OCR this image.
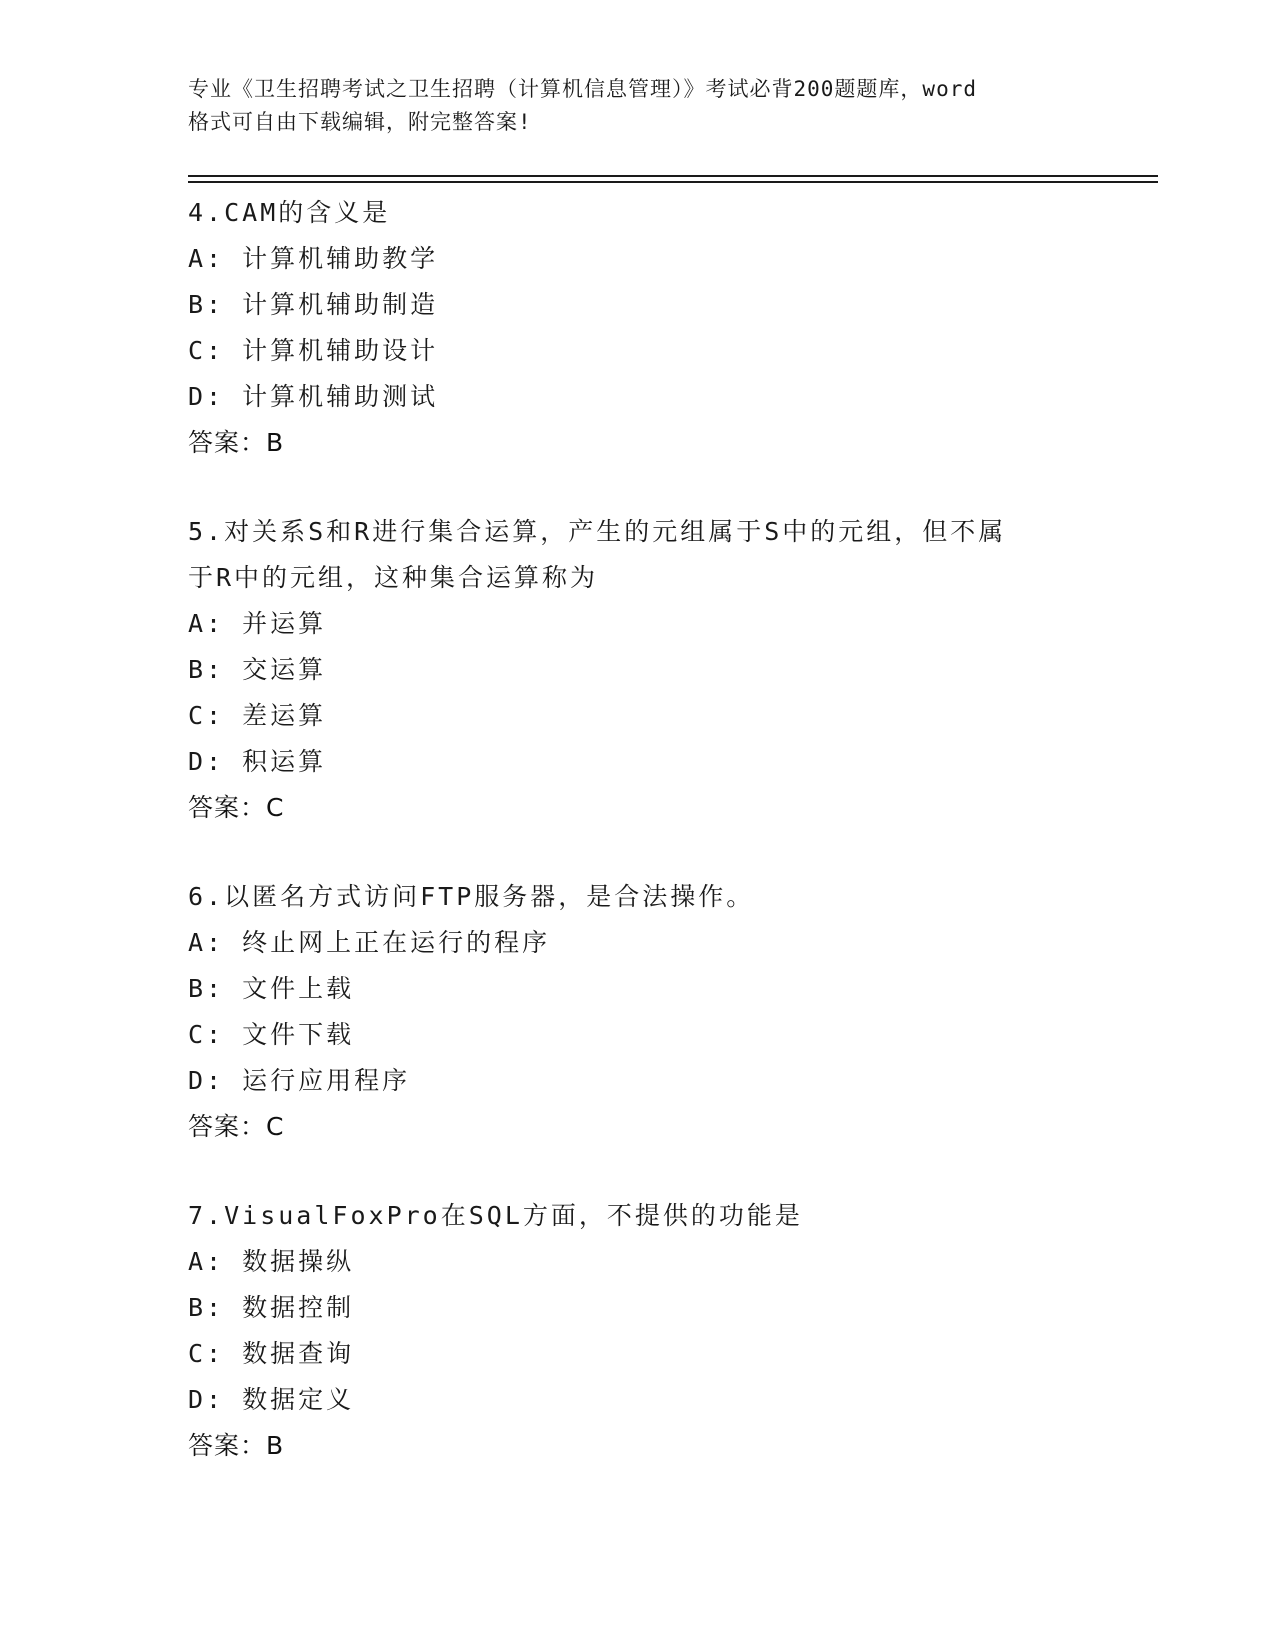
专业《卫生招聘考试之卫生招聘（计算机信息管理）》考试必背200题题库，word
格式可自由下载编辑，附完整答案!
4.CAM的含义是
A: 计算机辅助教学
B: 计算机辅助制造
C: 计算机辅助设计
D: 计算机辅助测试
答案：B
5.对关系S和R进行集合运算，产生的元组属于S中的元组，但不属
于R中的元组，这种集合运算称为
A: 并运算
B: 交运算
C: 差运算
D: 积运算
答案：C
6.以匿名方式访问FTP服务器，是合法操作。
A: 终止网上正在运行的程序
B: 文件上载
C: 文件下载
D: 运行应用程序
答案：C
7.VisualFoxPro在SQL方面，不提供的功能是
A: 数据操纵
B: 数据控制
C: 数据查询
D: 数据定义
答案：B
